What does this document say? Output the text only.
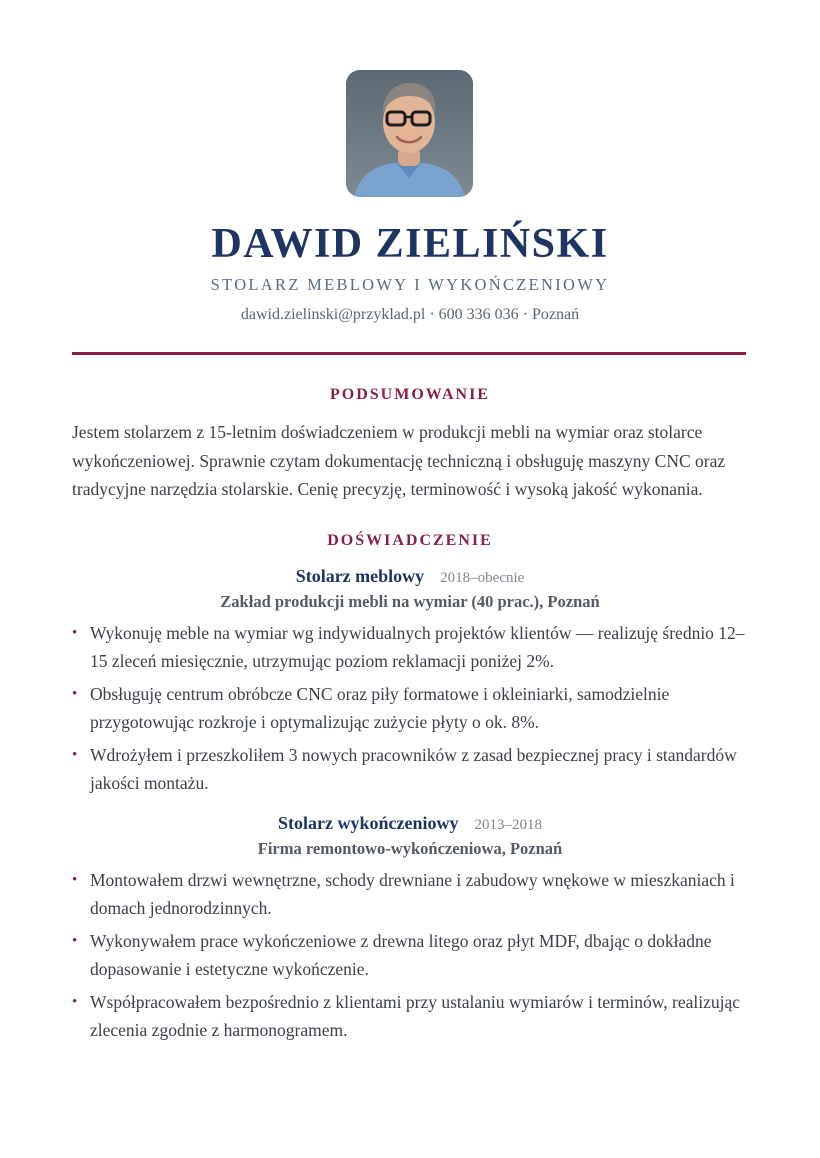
DAWID ZIELIŃSKI
STOLARZ MEBLOWY I WYKOŃCZENIOWY
dawid.zielinski@przyklad.pl · 600 336 036 · Poznań
PODSUMOWANIE
Jestem stolarzem z 15-letnim doświadczeniem w produkcji mebli na wymiar oraz stolarce wykończeniowej. Sprawnie czytam dokumentację techniczną i obsługuję maszyny CNC oraz tradycyjne narzędzia stolarskie. Cenię precyzję, terminowość i wysoką jakość wykonania.
DOŚWIADCZENIE
Stolarz meblowy 2018–obecnie
Zakład produkcji mebli na wymiar (40 prac.), Poznań
• Wykonuję meble na wymiar wg indywidualnych projektów klientów — realizuję średnio 12–15 zleceń miesięcznie, utrzymując poziom reklamacji poniżej 2%.
• Obsługuję centrum obróbcze CNC oraz piły formatowe i okleiniarki, samodzielnie przygotowując rozkroje i optymalizując zużycie płyty o ok. 8%.
• Wdrożyłem i przeszkoliłem 3 nowych pracowników z zasad bezpiecznej pracy i standardów jakości montażu.
Stolarz wykończeniowy 2013–2018
Firma remontowo-wykończeniowa, Poznań
• Montowałem drzwi wewnętrzne, schody drewniane i zabudowy wnękowe w mieszkaniach i domach jednorodzinnych.
• Wykonywałem prace wykończeniowe z drewna litego oraz płyt MDF, dbając o dokładne dopasowanie i estetyczne wykończenie.
• Współpracowałem bezpośrednio z klientami przy ustalaniu wymiarów i terminów, realizując zlecenia zgodnie z harmonogramem.
